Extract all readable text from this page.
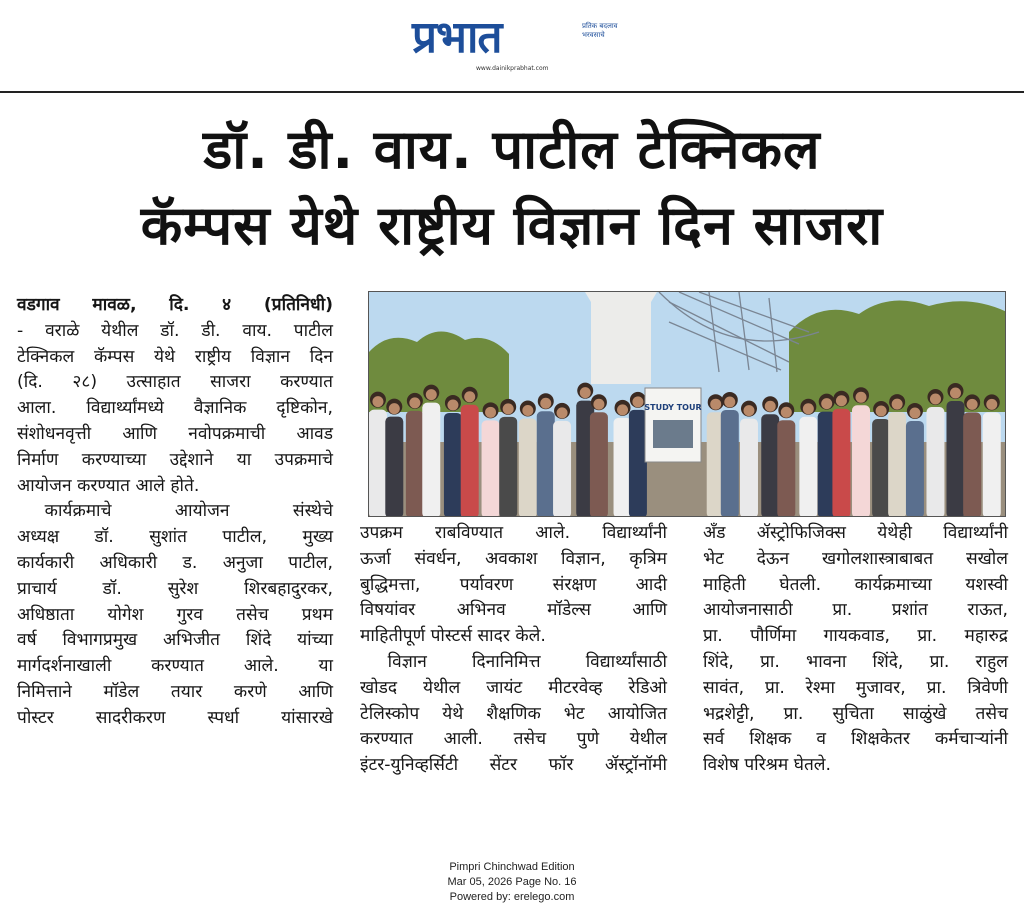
प्रभात	प्रतिक बदलाव भरवसाचे
www.dainikprabhat.com
डॉ. डी. वाय. पाटील टेक्निकल
कॅम्पस येथे राष्ट्रीय विज्ञान दिन साजरा

वडगाव मावळ, दि. ४ (प्रतिनिधी)

- वराळे येथील डॉ. डी. वाय. पाटील

टेक्निकल कॅम्पस येथे राष्ट्रीय विज्ञान दिन

(दि. २८) उत्साहात साजरा करण्यात

आला. विद्यार्थ्यांमध्ये वैज्ञानिक दृष्टिकोन,

संशोधनवृत्ती आणि नवोपक्रमाची आवड

निर्माण करण्याच्या उद्देशाने या उपक्रमाचे

आयोजन करण्यात आले होते.

कार्यक्रमाचे आयोजन संस्थेचे

अध्यक्ष डॉ. सुशांत पाटील, मुख्य

कार्यकारी अधिकारी ड. अनुजा पाटील,

प्राचार्य डॉ. सुरेश शिरबहादुरकर,

अधिष्ठाता योगेश गुरव तसेच प्रथम

वर्ष विभागप्रमुख अभिजीत शिंदे यांच्या

मार्गदर्शनाखाली करण्यात आले. या

निमित्ताने मॉडेल तयार करणे आणि

पोस्टर सादरीकरण स्पर्धा यांसारखे

STUDY TOUR

उपक्रम राबविण्यात आले. विद्यार्थ्यांनी

ऊर्जा संवर्धन, अवकाश विज्ञान, कृत्रिम

बुद्धिमत्ता, पर्यावरण संरक्षण आदी

विषयांवर अभिनव मॉडेल्स आणि

माहितीपूर्ण पोस्टर्स सादर केले.

विज्ञान दिनानिमित्त विद्यार्थ्यांसाठी

खोडद येथील जायंट मीटरवेव्ह रेडिओ

टेलिस्कोप येथे शैक्षणिक भेट आयोजित

करण्यात आली. तसेच पुणे येथील

इंटर-युनिव्हर्सिटी सेंटर फॉर ॲस्ट्रॉनॉमी

ॲंड ॲस्ट्रोफिजिक्स येथेही विद्यार्थ्यांनी

भेट देऊन खगोलशास्त्राबाबत सखोल

माहिती घेतली. कार्यक्रमाच्या यशस्वी

आयोजनासाठी प्रा. प्रशांत राऊत,

प्रा. पौर्णिमा गायकवाड, प्रा. महारुद्र

शिंदे, प्रा. भावना शिंदे, प्रा. राहुल

सावंत, प्रा. रेश्मा मुजावर, प्रा. त्रिवेणी

भद्रशेट्टी, प्रा. सुचिता साळुंखे तसेच

सर्व शिक्षक व शिक्षकेतर कर्मचाऱ्यांनी

विशेष परिश्रम घेतले.

Pimpri Chinchwad Edition
Mar 05, 2026 Page No. 16
Powered by: erelego.com
